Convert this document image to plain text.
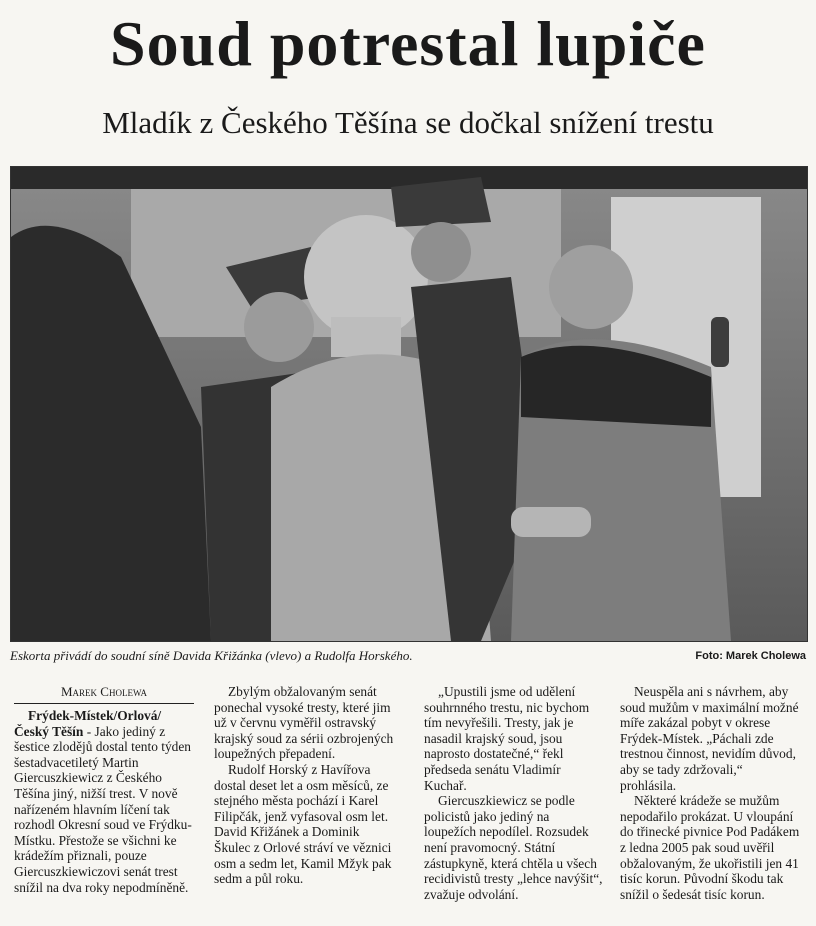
Soud potrestal lupiče
Mladík z Českého Těšína se dočkal snížení trestu
Eskorta přivádí do soudní síně Davida Křižánka (vlevo) a Rudolfa Horského.	Foto: Marek Cholewa
Marek Cholewa

Frýdek-Místek/Orlová/Český Těšín - Jako jediný z šestice zlodějů dostal tento týden šestadvacetiletý Martin Giercuszkiewicz z Českého Těšína jiný, nižší trest. V nově nařízeném hlavním líčení tak rozhodl Okresní soud ve Frýdku-Místku. Přestože se všichni ke krádežím přiznali, pouze Giercuszkiewiczovi senát trest snížil na dva roky nepodmíněně.

Zbylým obžalovaným senát ponechal vysoké tresty, které jim už v červnu vyměřil ostravský krajský soud za sérii ozbrojených loupežných přepadení.

Rudolf Horský z Havířova dostal deset let a osm měsíců, ze stejného města pochází i Karel Filipčák, jenž vyfasoval osm let. David Křižánek a Dominik Škulec z Orlové stráví ve věznici osm a sedm let, Kamil Mžyk pak sedm a půl roku.

„Upustili jsme od udělení souhrnného trestu, nic bychom tím nevyřešili. Tresty, jak je nasadil krajský soud, jsou naprosto dostatečné,“ řekl předseda senátu Vladimír Kuchař.

Giercuszkiewicz se podle policistů jako jediný na loupežích nepodílel. Rozsudek není pravomocný. Státní zástupkyně, která chtěla u všech recidivistů tresty „lehce navýšit“, zvažuje odvolání.

Neuspěla ani s návrhem, aby soud mužům v maximální možné míře zakázal pobyt v okrese Frýdek-Místek. „Páchali zde trestnou činnost, nevidím důvod, aby se tady zdržovali,“ prohlásila.

Některé krádeže se mužům nepodařilo prokázat. U vloupání do třinecké pivnice Pod Padákem z ledna 2005 pak soud uvěřil obžalovaným, že ukořistili jen 41 tisíc korun. Původní škodu tak snížil o šedesát tisíc korun.
